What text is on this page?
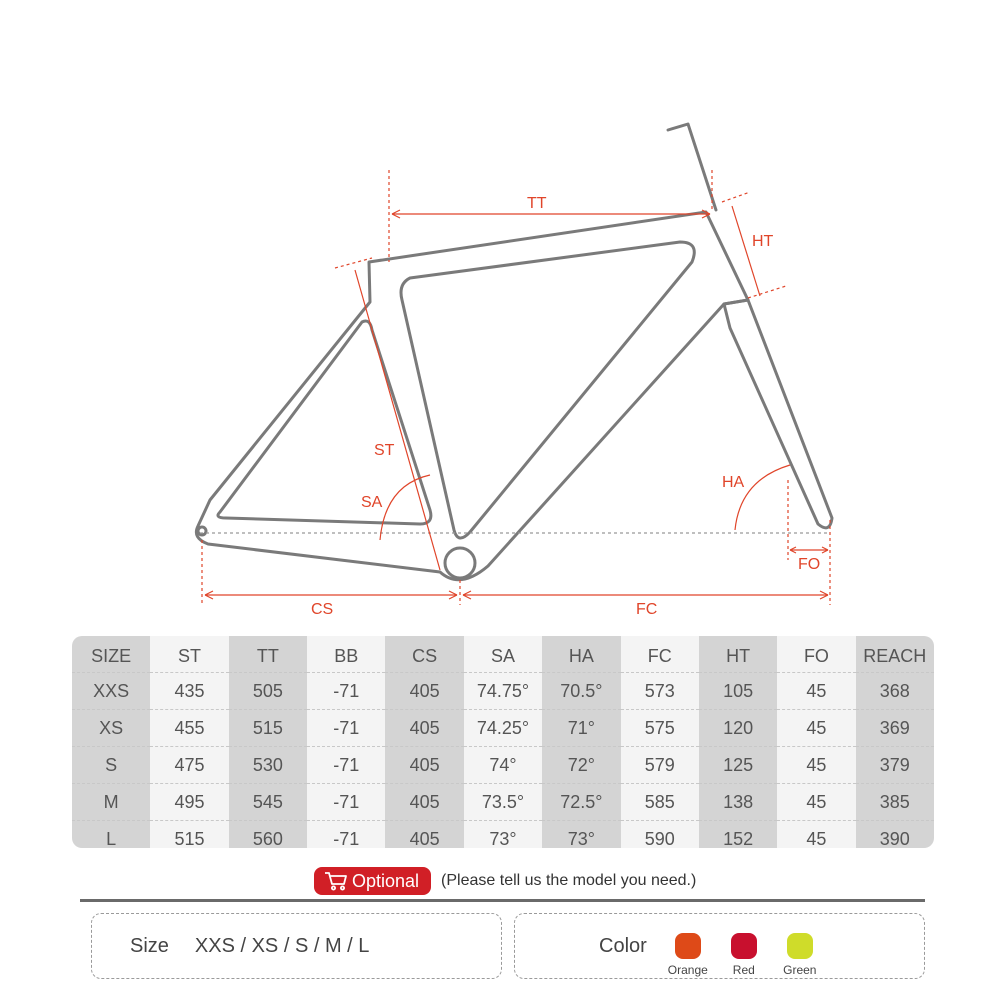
TT
HT
ST
SA
HA
CS	FC
FO
SIZE
XXS
XS
S
M
L
ST
435
455
475
495
515
TT
505
515
530
545
560
BB
-71
-71
-71
-71
-71
CS
405
405
405
405
405
SA
74.75°
74.25°
74°
73.5°
73°
HA
70.5°
71°
72°
72.5°
73°
FC
573
575
579
585
590
HT
105
120
125
138
152
FO
45
45
45
45
45
REACH
368
369
379
385
390
Optional (Please tell us the model you need.)
Size XXS / XS / S / M / L	Color
Orange Red Green
